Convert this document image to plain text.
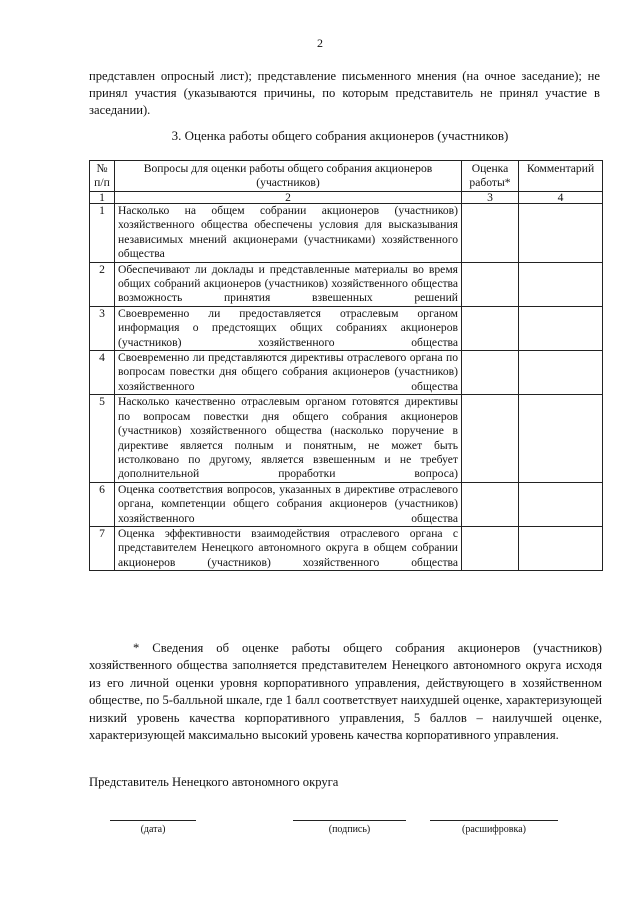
2

представлен опросный лист); представление письменного мнения (на очное заседание); не принял участия (указываются причины, по которым представитель не принял участие в заседании).

3. Оценка работы общего собрания акционеров (участников)
№ п/п	Вопросы для оценки работы общего собрания акционеров (участников)	Оценка работы*	Комментарий
1	2	3	4
1	Насколько на общем собрании акционеров (участников) хозяйственного общества обеспечены условия для высказывания независимых мнений акционерами (участниками) хозяйственного общества		
2	Обеспечивают ли доклады и представленные материалы во время общих собраний акционеров (участников) хозяйственного общества возможность принятия взвешенных решений		
3	Своевременно ли предоставляется отраслевым органом информация о предстоящих общих собраниях акционеров (участников) хозяйственного общества		
4	Своевременно ли представляются директивы отраслевого органа по вопросам повестки дня общего собрания акционеров (участников) хозяйственного общества		
5	Насколько качественно отраслевым органом готовятся директивы по вопросам повестки дня общего собрания акционеров (участников) хозяйственного общества (насколько поручение в директиве является полным и понятным, не может быть истолковано по другому, является взвешенным и не требует дополнительной проработки вопроса)		
6	Оценка соответствия вопросов, указанных в директиве отраслевого органа, компетенции общего собрания акционеров (участников) хозяйственного общества		
7	Оценка эффективности взаимодействия отраслевого органа с представителем Ненецкого автономного округа в общем собрании акционеров (участников) хозяйственного общества		

* Сведения об оценке работы общего собрания акционеров (участников) хозяйственного общества заполняется представителем Ненецкого автономного округа исходя из его личной оценки уровня корпоративного управления, действующего в хозяйственном обществе, по 5-балльной шкале, где 1 балл соответствует наихудшей оценке, характеризующей низкий уровень качества корпоративного управления, 5 баллов – наилучшей оценке, характеризующей максимально высокий уровень качества корпоративного управления.

Представитель Ненецкого автономного округа
(дата)	(подпись)	(расшифровка)
